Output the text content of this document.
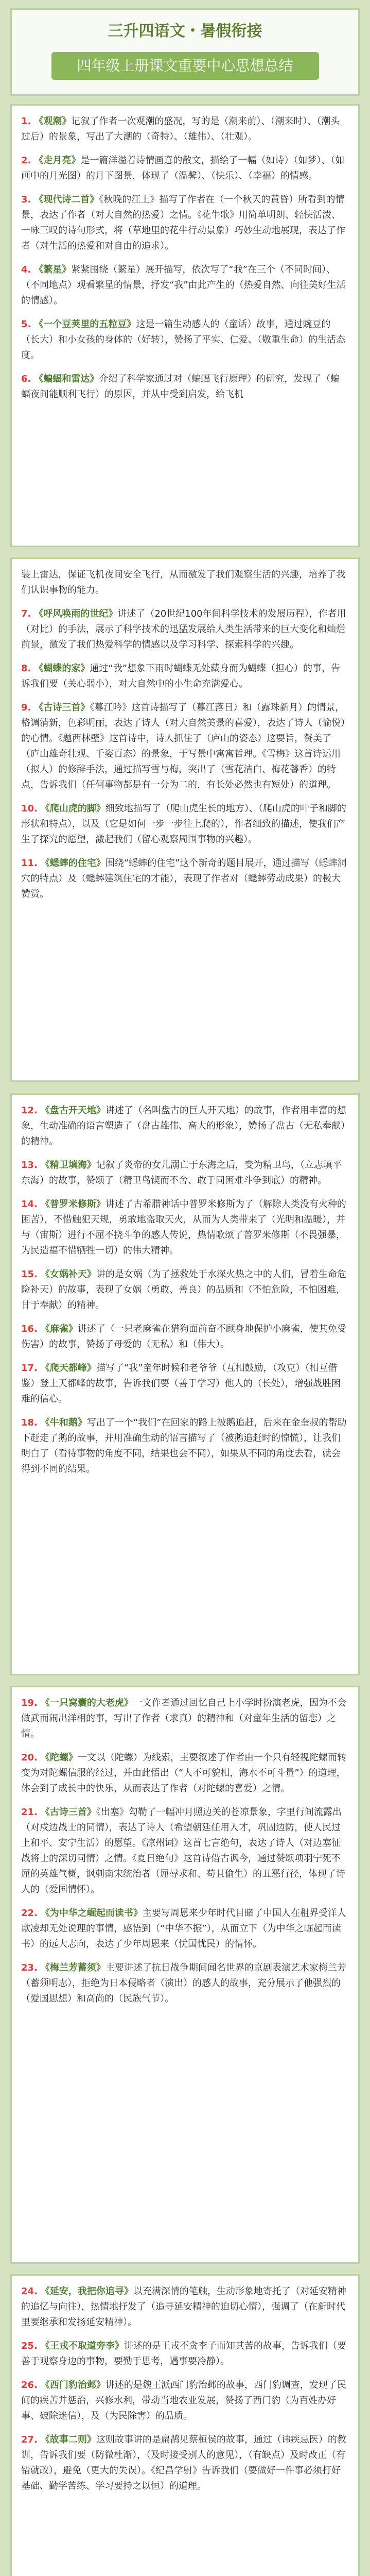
三升四语文・暑假衔接
四年级上册课文重要中心思想总结
1. 《观潮》记叙了作者一次观潮的盛况，写的是（潮来前）、（潮来时）、（潮头过后）的景象，写出了大潮的（奇特）、（雄伟）、（壮观）。
2. 《走月亮》是一篇洋溢着诗情画意的散文，描绘了一幅（如诗）（如梦）、（如画中的月光图）的月下图景，体现了（温馨）、（快乐）、（幸福）的情感。
3. 《现代诗二首》《秋晚的江上》描写了作者在（一个秋天的黄昏）所看到的情景，表达了作者（对大自然的热爱）之情。《花牛歌》用简单明朗、轻快活泼、一咏三叹的诗句形式，将（草地里的花牛行动景象）巧妙生动地展现，表达了作者（对生活的热爱和对自由的追求）。
4. 《繁星》紧紧围绕（繁星）展开描写，依次写了“我”在三个（不同时间）、（不同地点）观看繁星的情景，抒发“我”由此产生的（热爱自然、向往美好生活的情感）。
5. 《一个豆荚里的五粒豆》这是一篇生动感人的（童话）故事，通过豌豆的（长大）和小女孩的身体的（好转），赞扬了平实、仁爱、（敬重生命）的生活态度。
6. 《蝙蝠和雷达》介绍了科学家通过对（蝙蝠飞行原理）的研究，发现了（蝙蝠夜间能顺利飞行）的原因，并从中受到启发，给飞机
装上雷达，保证飞机夜间安全飞行，从而激发了我们观察生活的兴趣，培养了我们认识事物的能力。
7. 《呼风唤雨的世纪》讲述了（20世纪100年间科学技术的发展历程），作者用（对比）的手法，展示了科学技术的迅猛发展给人类生活带来的巨大变化和灿烂前景，激发了我们热爱科学的情感以及学习科学、探索科学的兴趣。
8. 《蝴蝶的家》通过“我”想象下雨时蝴蝶无处藏身而为蝴蝶（担心）的事，告诉我们要（关心弱小），对大自然中的小生命充满爱心。
9. 《古诗三首》《暮江吟》这首诗描写了（暮江落日）和（露珠新月）的情景，格调清新，色彩明丽，表达了诗人（对大自然美景的喜爱），表达了诗人（愉悦）的心情。《题西林壁》这首诗中，诗人抓住了（庐山的姿态）这要旨，赞美了（庐山雄奇壮观、千姿百态）的景象，于写景中寓寓哲理。《雪梅》这首诗运用（拟人）的修辞手法，通过描写雪与梅，突出了（雪花洁白、梅花馨香）的特点，告诉我们（任何事物都是有一分为二的，有长处必然也有短处）的道理。
10. 《爬山虎的脚》细致地描写了（爬山虎生长的地方）、（爬山虎的叶子和脚的形状和特点），以及（它是如何一步一步往上爬的），作者细致的描述，使我们产生了探究的愿望，激起我们（留心观察周围事物的兴趣）。
11. 《蟋蟀的住宅》围绕“蟋蟀的住宅”这个新奇的题目展开，通过描写（蟋蟀洞穴的特点）及（蟋蟀建筑住宅的才能），表现了作者对（蟋蟀劳动成果）的极大赞赏。
12. 《盘古开天地》讲述了（名叫盘古的巨人开天地）的故事，作者用丰富的想象，生动准确的语言塑造了（盘古雄伟、高大的形象），赞扬了盘古（无私奉献）的精神。
13. 《精卫填海》记叙了炎帝的女儿溺亡于东海之后，变为精卫鸟，（立志填平东海）的故事，赞颂了（精卫鸟锲而不舍、敢于同困难斗争到底）的精神。
14. 《普罗米修斯》讲述了古希腊神话中普罗米修斯为了（解除人类没有火种的困苦），不惜触犯天规，勇敢地盗取天火，从而为人类带来了（光明和温暖），并与（宙斯）进行不屈不挠斗争的感人传说，热情歌颂了普罗米修斯（不畏强暴，为民造福不惜牺牲一切）的伟大精神。
15. 《女娲补天》讲的是女娲（为了拯救处于水深火热之中的人们，冒着生命危险补天）的故事，表现了女娲（勇敢、善良）的品质和（不怕危险，不怕困难，甘于奉献）的精神。
16. 《麻雀》讲述了（一只老麻雀在猎狗面前奋不顾身地保护小麻雀，使其免受伤害）的故事，赞扬了母爱的（无私）和（伟大）。
17. 《爬天都峰》描写了“我”童年时候和老爷爷（互相鼓励，（攻克）（相互借鉴）登上天都峰的故事，告诉我们要（善于学习）他人的（长处），增强战胜困难的信心。
18. 《牛和鹅》写出了一个“我们”在回家的路上被鹅追赶，后来在金奎叔的帮助下赶走了鹅的故事，并用准确生动的语言描写了（被鹅追赶时的惊慌），让我们明白了（看待事物的角度不同，结果也会不同），如果从不同的角度去看，就会得到不同的结果。
19. 《一只窝囊的大老虎》一文作者通过回忆自己上小学时扮演老虎，因为不会做武而闹出洋相的事，写出了作者（求真）的精神和（对童年生活的留恋）之情。
20. 《陀螺》一文以（陀螺）为线索，主要叙述了作者由一个只有轻视陀螺而转变为对陀螺信服的经过，并由此悟出（“人不可貌相，海水不可斗量”）的道理，体会到了成长中的快乐，从而表达了作者（对陀螺的喜爱）之情。
21. 《古诗三首》《出塞》勾勒了一幅冲月照边关的苍凉景象，字里行间流露出（对戍边战士的同情），表达了诗人（希望朝廷任用人才，巩固边防，使人民过上和平、安宁生活）的愿望。《凉州词》这首七言绝句，表达了诗人（对边塞征战将士的深切同情）之情。《夏日绝句》这首诗借古讽今，通过赞颂项羽宁死不屈的英雄气概，讽刺南宋统治者（屈辱求和、苟且偷生）的丑恶行径，体现了诗人的（爱国情怀）。
22. 《为中华之崛起而读书》主要写周恩来少年时代目睹了中国人在租界受洋人欺凌却无处说理的事情，感悟到（“中华不振”），从而立下（为中华之崛起而读书）的远大志向，表达了少年周恩来（忧国忧民）的情怀。
23. 《梅兰芳蓄须》主要讲述了抗日战争期间闻名世界的京剧表演艺术家梅兰芳（蓄须明志），拒绝为日本侵略者（演出）的感人的故事，充分展示了他强烈的（爱国思想）和高尚的（民族气节）。
24. 《延安，我把你追寻》以充满深情的笔触，生动形象地寄托了（对延安精神的追忆与向往），热情地抒发了（追寻延安精神的迫切心情），强调了（在新时代里要继承和发扬延安精神）。
25. 《王戎不取道旁李》讲述的是王戎不贪李子而知其苦的故事，告诉我们（要善于观察身边的事物，要勤于思考，遇事要冷静）。
26. 《西门豹治邺》讲述的是魏王派西门豹治邺的故事，西门豹调查，发现了民间的疾苦并惩治，兴修水利，带动当地农业发展，赞扬了西门豹（为百姓办好事、破除迷信），及（为民除害）的品质。
27. 《故事二则》这则故事讲的是扁鹊见蔡桓侯的故事，通过（讳疾忌医）的教训，告诉我们要（防微杜渐），（及时接受别人的意见），（有缺点）及时改正（有错就改），避免（更大的失误）。《纪昌学射》告诉我们（要做好一件事必须打好基础、勤学苦练、学习要持之以恒）的道理。
